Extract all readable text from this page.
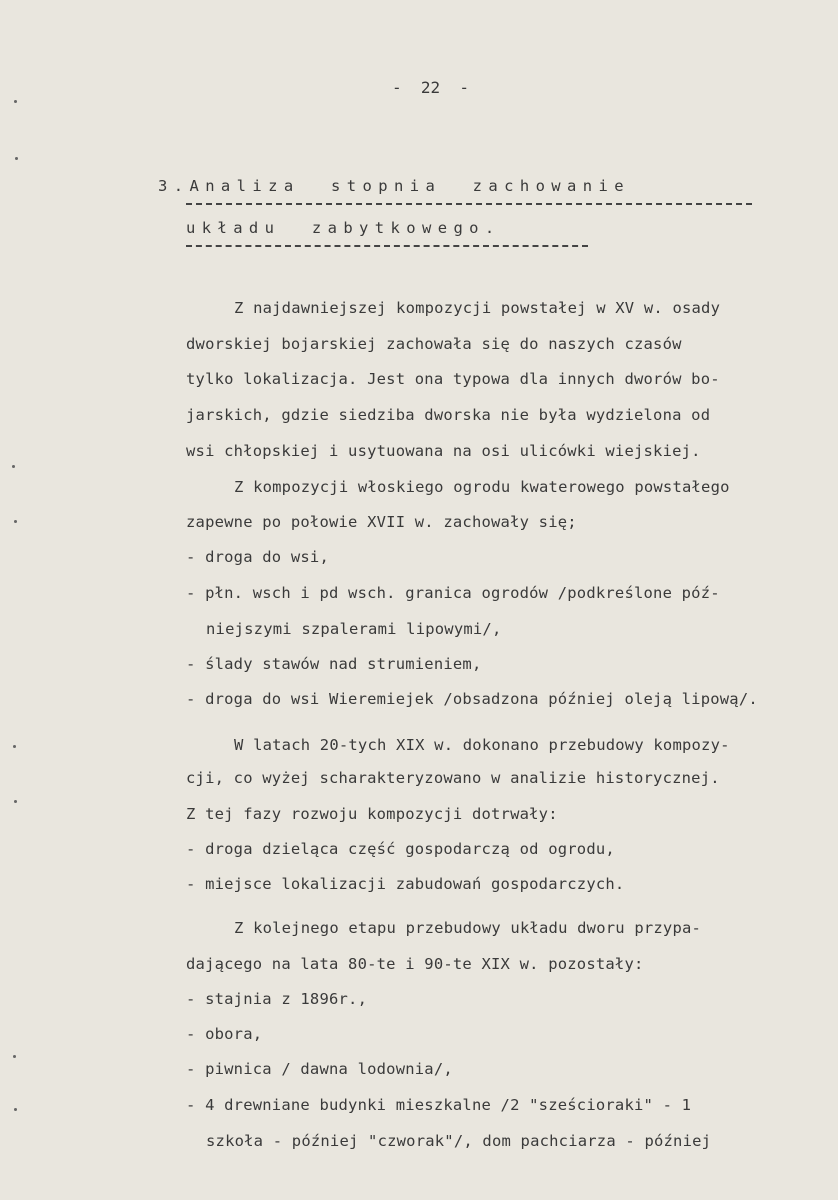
-  22  -
3.Analiza  stopnia  zachowanie
układu  zabytkowego.
Z najdawniejszej kompozycji powstałej w XV w. osady
dworskiej bojarskiej zachowała się do naszych czasów
tylko lokalizacja. Jest ona typowa dla innych dworów bo-
jarskich, gdzie siedziba dworska nie była wydzielona od
wsi chłopskiej i usytuowana na osi ulicówki wiejskiej.
Z kompozycji włoskiego ogrodu kwaterowego powstałego
zapewne po połowie XVII w. zachowały się;
- droga do wsi,
- płn. wsch i pd wsch. granica ogrodów /podkreślone póź-
niejszymi szpalerami lipowymi/,
- ślady stawów nad strumieniem,
- droga do wsi Wieremiejek /obsadzona później oleją lipową/.
W latach 20-tych XIX w. dokonano przebudowy kompozy-
cji, co wyżej scharakteryzowano w analizie historycznej.
Z tej fazy rozwoju kompozycji dotrwały:
- droga dzieląca część gospodarczą od ogrodu,
- miejsce lokalizacji zabudowań gospodarczych.
Z kolejnego etapu przebudowy układu dworu przypa-
dającego na lata 80-te i 90-te XIX w. pozostały:
- stajnia z 1896r.,
- obora,
- piwnica / dawna lodownia/,
- 4 drewniane budynki mieszkalne /2 "sześcioraki" - 1
szkoła - później "czworak"/, dom pachciarza - później
